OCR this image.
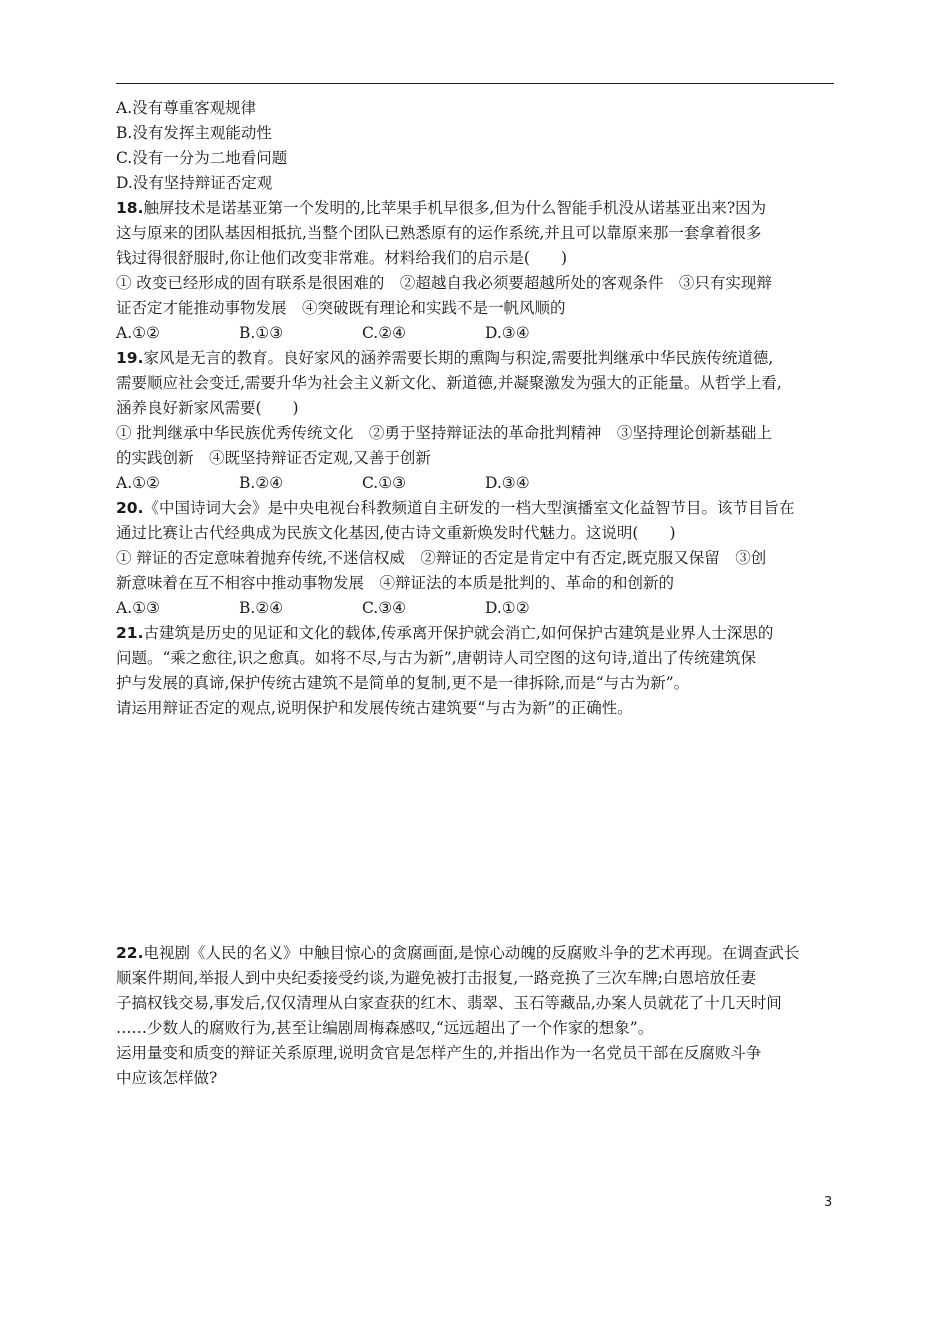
A.没有尊重客观规律
B.没有发挥主观能动性
C.没有一分为二地看问题
D.没有坚持辩证否定观
18.触屏技术是诺基亚第一个发明的,比苹果手机早很多,但为什么智能手机没从诺基亚出来?因为
这与原来的团队基因相抵抗,当整个团队已熟悉原有的运作系统,并且可以靠原来那一套拿着很多
钱过得很舒服时,你让他们改变非常难。材料给我们的启示是(　　)
① 改变已经形成的固有联系是很困难的　②超越自我必须要超越所处的客观条件　③只有实现辩
证否定才能推动事物发展　④突破既有理论和实践不是一帆风顺的
A.①②	B.①③	C.②④	D.③④
19.家风是无言的教育。良好家风的涵养需要长期的熏陶与积淀,需要批判继承中华民族传统道德,
需要顺应社会变迁,需要升华为社会主义新文化、新道德,并凝聚激发为强大的正能量。从哲学上看,
涵养良好新家风需要(　　)
① 批判继承中华民族优秀传统文化　②勇于坚持辩证法的革命批判精神　③坚持理论创新基础上
的实践创新　④既坚持辩证否定观,又善于创新
A.①②	B.②④	C.①③	D.③④
20.《中国诗词大会》是中央电视台科教频道自主研发的一档大型演播室文化益智节目。该节目旨在
通过比赛让古代经典成为民族文化基因,使古诗文重新焕发时代魅力。这说明(　　)
① 辩证的否定意味着抛弃传统,不迷信权威　②辩证的否定是肯定中有否定,既克服又保留　③创
新意味着在互不相容中推动事物发展　④辩证法的本质是批判的、革命的和创新的
A.①③	B.②④	C.③④	D.①②
21.古建筑是历史的见证和文化的载体,传承离开保护就会消亡,如何保护古建筑是业界人士深思的
问题。“乘之愈往,识之愈真。如将不尽,与古为新”,唐朝诗人司空图的这句诗,道出了传统建筑保
护与发展的真谛,保护传统古建筑不是简单的复制,更不是一律拆除,而是“与古为新”。
请运用辩证否定的观点,说明保护和发展传统古建筑要“与古为新”的正确性。
22.电视剧《人民的名义》中触目惊心的贪腐画面,是惊心动魄的反腐败斗争的艺术再现。在调查武长
顺案件期间,举报人到中央纪委接受约谈,为避免被打击报复,一路竞换了三次车牌;白恩培放任妻
子搞权钱交易,事发后,仅仅清理从白家查获的红木、翡翠、玉石等藏品,办案人员就花了十几天时间
……少数人的腐败行为,甚至让编剧周梅森感叹,“远远超出了一个作家的想象”。
运用量变和质变的辩证关系原理,说明贪官是怎样产生的,并指出作为一名党员干部在反腐败斗争
中应该怎样做?
3
